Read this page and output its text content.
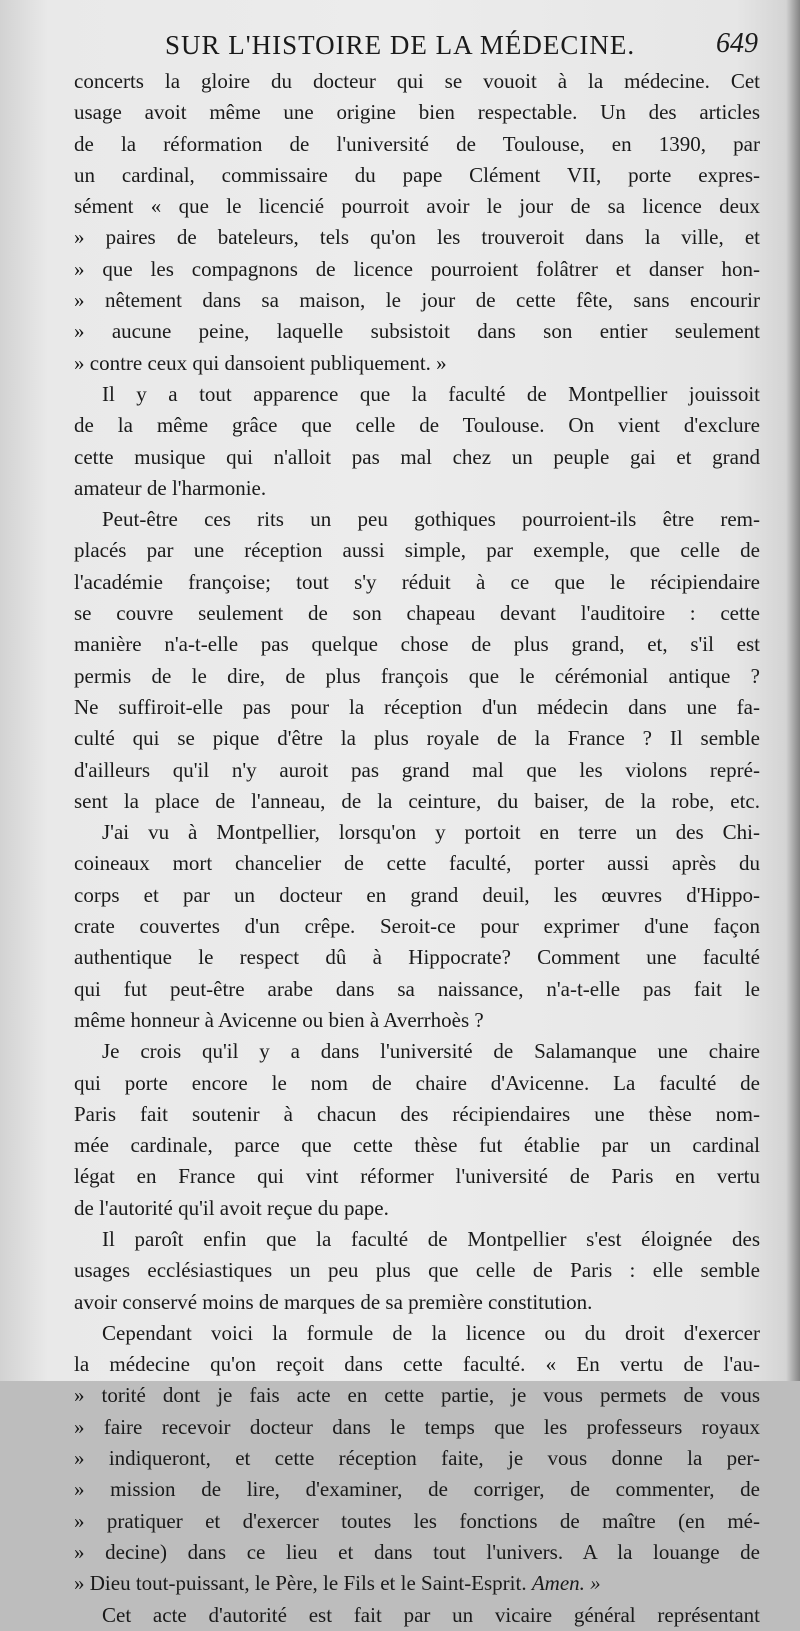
SUR L'HISTOIRE DE LA MÉDECINE.	649
concerts la gloire du docteur qui se vouoit à la médecine. Cet
usage avoit même une origine bien respectable. Un des articles
de la réformation de l'université de Toulouse, en 1390, par
un cardinal, commissaire du pape Clément VII, porte expres-
sément « que le licencié pourroit avoir le jour de sa licence deux
» paires de bateleurs, tels qu'on les trouveroit dans la ville, et
» que les compagnons de licence pourroient folâtrer et danser hon-
» nêtement dans sa maison, le jour de cette fête, sans encourir
» aucune peine, laquelle subsistoit dans son entier seulement
» contre ceux qui dansoient publiquement. »
Il y a tout apparence que la faculté de Montpellier jouissoit
de la même grâce que celle de Toulouse. On vient d'exclure
cette musique qui n'alloit pas mal chez un peuple gai et grand
amateur de l'harmonie.
Peut-être ces rits un peu gothiques pourroient-ils être rem-
placés par une réception aussi simple, par exemple, que celle de
l'académie françoise; tout s'y réduit à ce que le récipiendaire
se couvre seulement de son chapeau devant l'auditoire : cette
manière n'a-t-elle pas quelque chose de plus grand, et, s'il est
permis de le dire, de plus françois que le cérémonial antique ?
Ne suffiroit-elle pas pour la réception d'un médecin dans une fa-
culté qui se pique d'être la plus royale de la France ? Il semble
d'ailleurs qu'il n'y auroit pas grand mal que les violons repré-
sent la place de l'anneau, de la ceinture, du baiser, de la robe, etc.
J'ai vu à Montpellier, lorsqu'on y portoit en terre un des Chi-
coineaux mort chancelier de cette faculté, porter aussi après du
corps et par un docteur en grand deuil, les œuvres d'Hippo-
crate couvertes d'un crêpe. Seroit-ce pour exprimer d'une façon
authentique le respect dû à Hippocrate? Comment une faculté
qui fut peut-être arabe dans sa naissance, n'a-t-elle pas fait le
même honneur à Avicenne ou bien à Averrhoès ?
Je crois qu'il y a dans l'université de Salamanque une chaire
qui porte encore le nom de chaire d'Avicenne. La faculté de
Paris fait soutenir à chacun des récipiendaires une thèse nom-
mée cardinale, parce que cette thèse fut établie par un cardinal
légat en France qui vint réformer l'université de Paris en vertu
de l'autorité qu'il avoit reçue du pape.
Il paroît enfin que la faculté de Montpellier s'est éloignée des
usages ecclésiastiques un peu plus que celle de Paris : elle semble
avoir conservé moins de marques de sa première constitution.
Cependant voici la formule de la licence ou du droit d'exercer
la médecine qu'on reçoit dans cette faculté. « En vertu de l'au-
» torité dont je fais acte en cette partie, je vous permets de vous
» faire recevoir docteur dans le temps que les professeurs royaux
» indiqueront, et cette réception faite, je vous donne la per-
» mission de lire, d'examiner, de corriger, de commenter, de
» pratiquer et d'exercer toutes les fonctions de maître (en mé-
» decine) dans ce lieu et dans tout l'univers. A la louange de
» Dieu tout-puissant, le Père, le Fils et le Saint-Esprit. Amen. »
Cet acte d'autorité est fait par un vicaire général représentant
